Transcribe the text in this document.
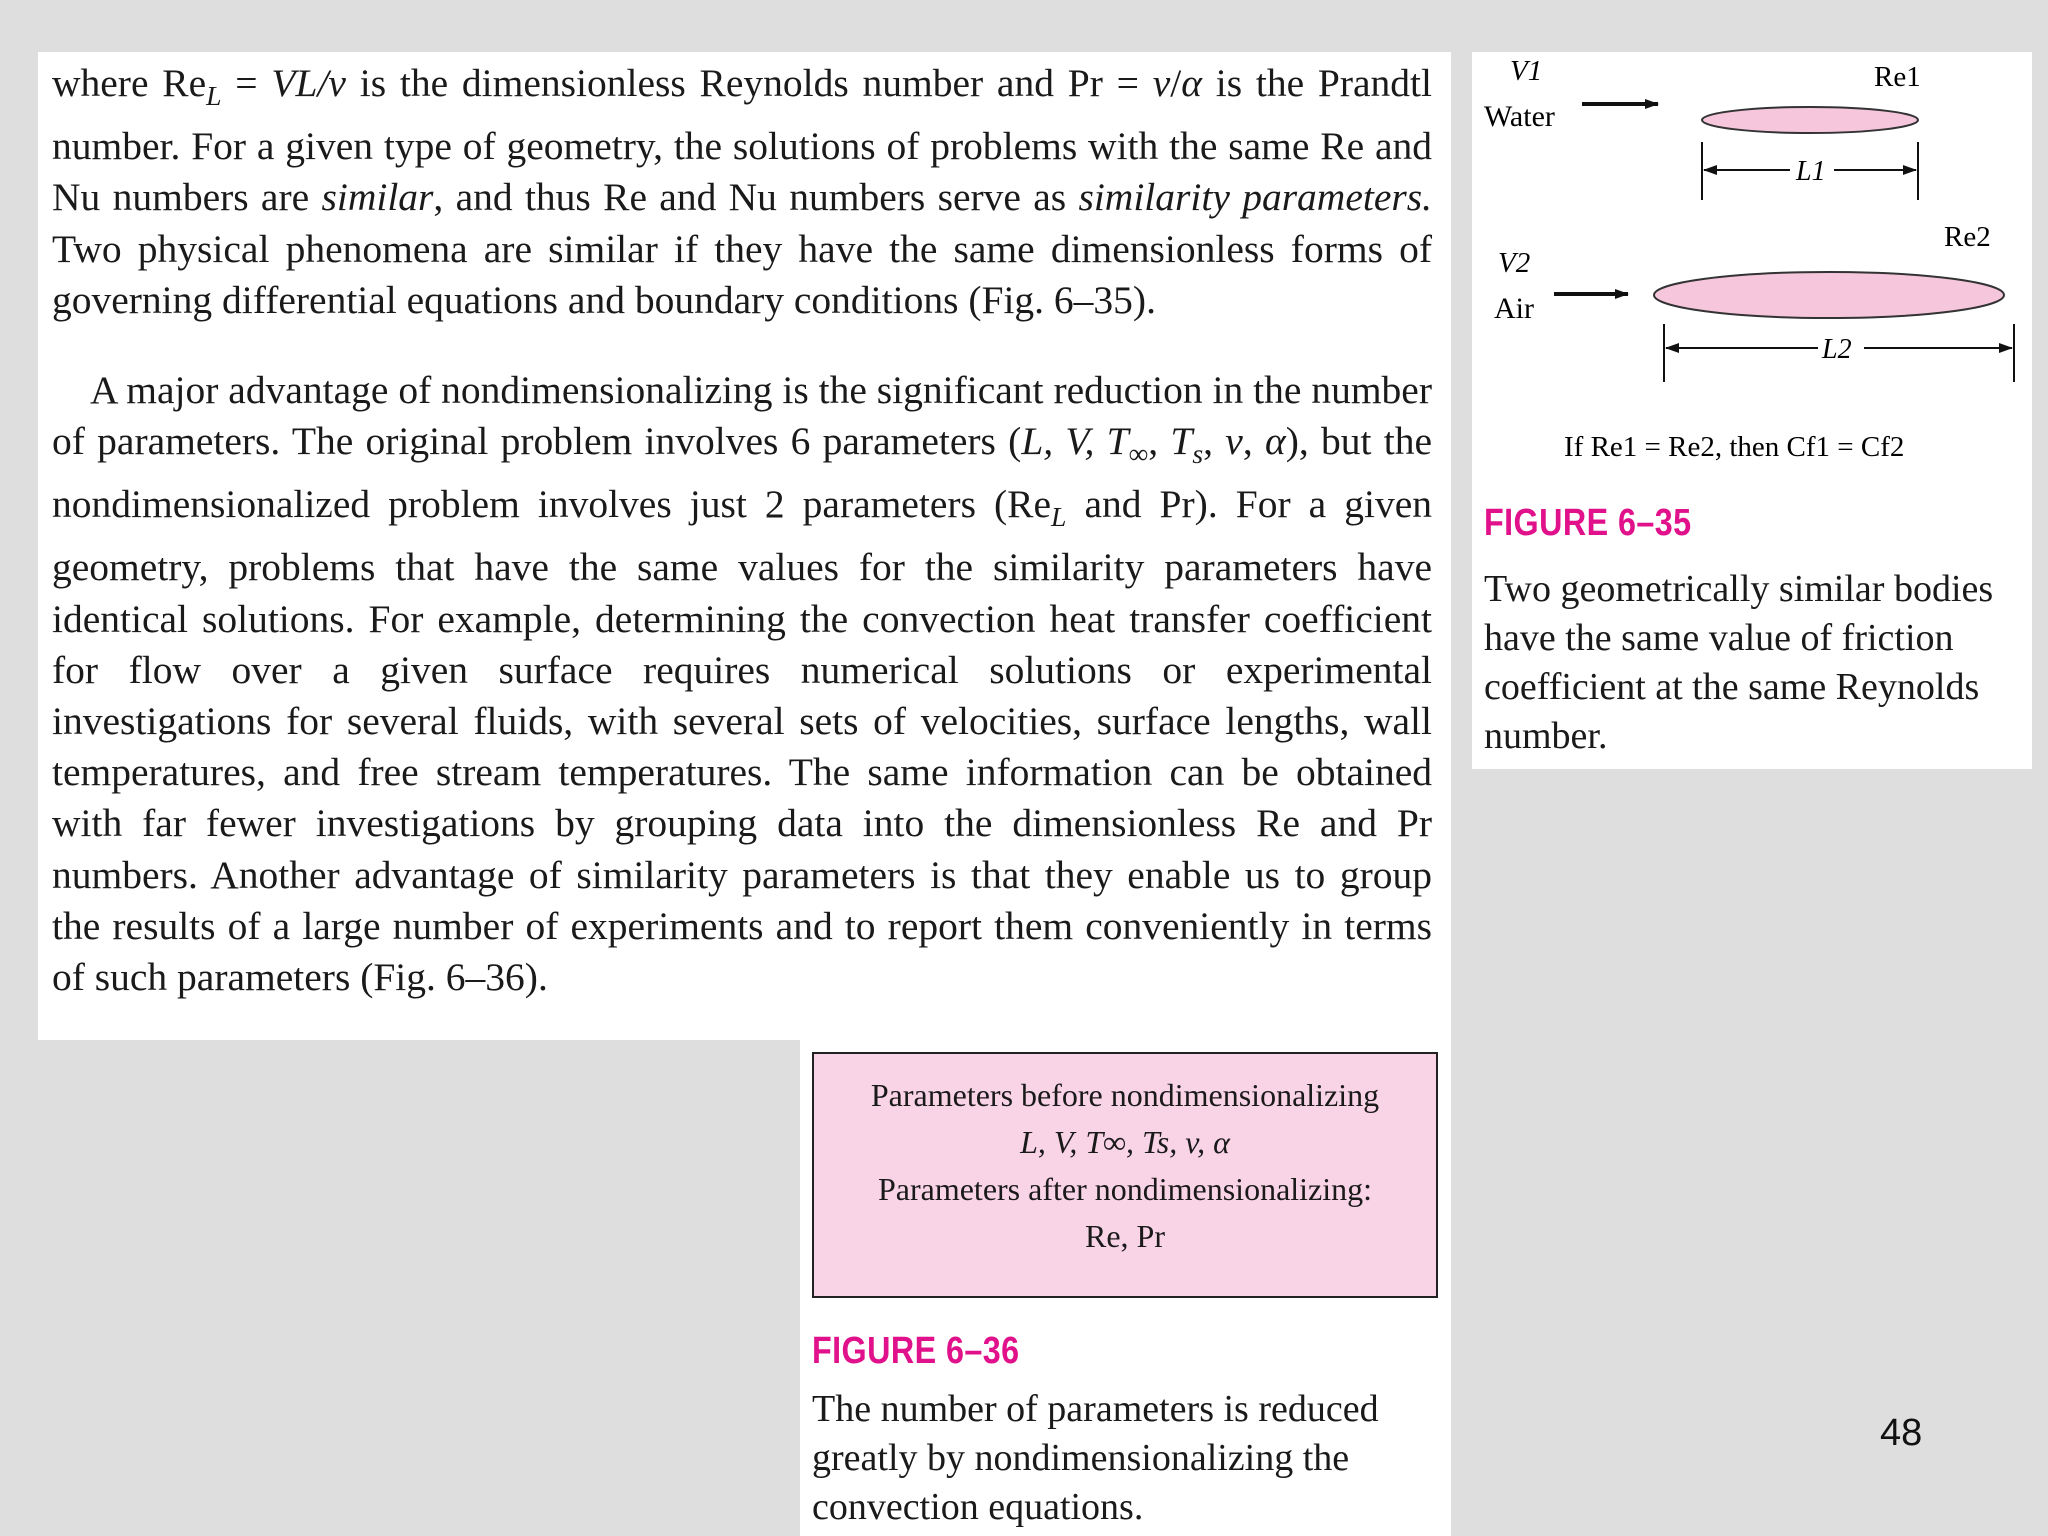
where $Re_L = VL/v$ is the dimensionless Reynolds number and Pr = v/α is the Prandtl number. For a given type of geometry, the solutions of problems with the same Re and Nu numbers are similar, and thus Re and Nu numbers serve as similarity parameters. Two physical phenomena are similar if they have the same dimensionless forms of governing differential equations and boundary conditions (Fig. 6–35).

A major advantage of nondimensionalizing is the significant reduction in the number of parameters. The original problem involves 6 parameters (L, V, $T_\infty$, $T_s$, v, α), but the nondimensionalized problem involves just 2 parameters ($Re_L$ and Pr). For a given geometry, problems that have the same values for the similarity parameters have identical solutions. For example, determining the convection heat transfer coefficient for flow over a given surface requires numerical solutions or experimental investigations for several fluids, with several sets of velocities, surface lengths, wall temperatures, and free stream temperatures. The same information can be obtained with far fewer investigations by grouping data into the dimensionless Re and Pr numbers. Another advantage of similarity parameters is that they enable us to group the results of a large number of experiments and to report them conveniently in terms of such parameters (Fig. 6–36).

V1
Water
Re1
L1
V2
Air
Re2
L2
If Re1 = Re2, then Cf1 = Cf2
FIGURE 6–35

Two geometrically similar bodies have the same value of friction coefficient at the same Reynolds number.

Parameters before nondimensionalizing
L, V, T∞, Ts, v, α
Parameters after nondimensionalizing:
Re, Pr
FIGURE 6–36

The number of parameters is reduced greatly by nondimensionalizing the convection equations.

48
